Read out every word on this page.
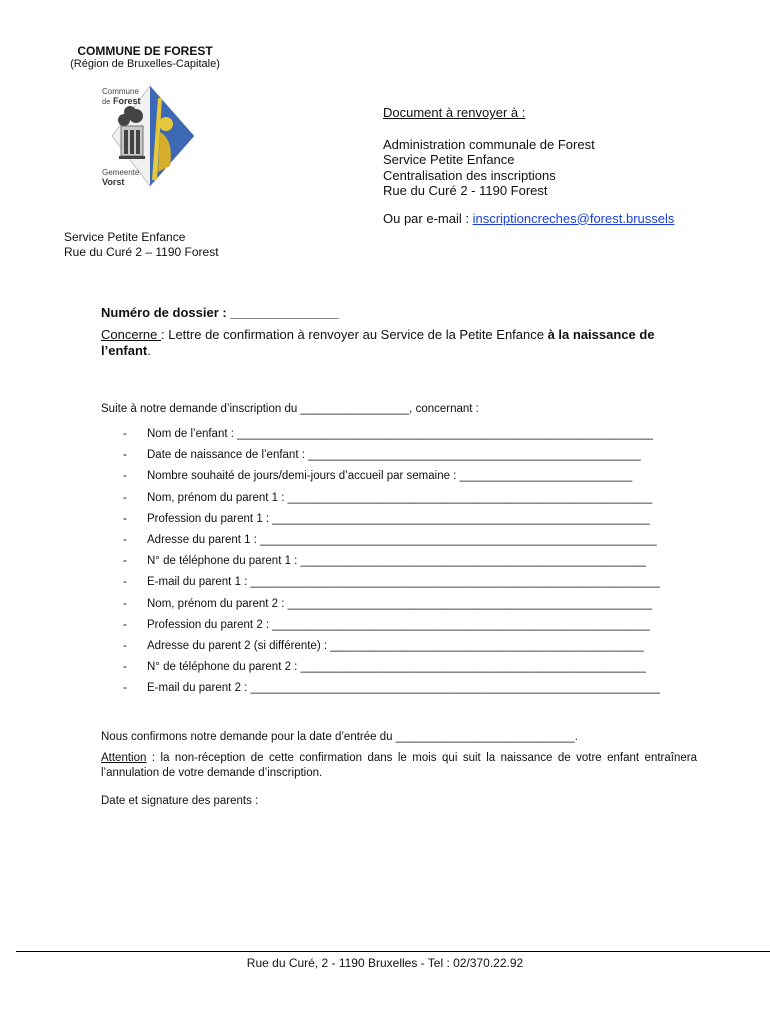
COMMUNE DE FOREST
(Région de Bruxelles-Capitale)
Commune
de Forest
Gemeente
Vorst
Service Petite Enfance
Rue du Curé 2 – 1190 Forest
Document à renvoyer à :
Administration communale de Forest
Service Petite Enfance
Centralisation des inscriptions
Rue du Curé 2 - 1190 Forest
Ou par e-mail : inscriptioncreches@forest.brussels
Numéro de dossier : _______________
Concerne : Lettre de confirmation à renvoyer au Service de la Petite Enfance à la naissance de l’enfant.
Suite à notre demande d’inscription du _________________, concernant :
-	Nom de l’enfant : _________________________________________________________________
-	Date de naissance de l’enfant : ____________________________________________________
-	Nombre souhaité de jours/demi-jours d’accueil par semaine : ___________________________
-	Nom, prénom du parent 1 : _________________________________________________________
-	Profession du parent 1 : ___________________________________________________________
-	Adresse du parent 1 : ______________________________________________________________
-	N° de téléphone du parent 1 : ______________________________________________________
-	E-mail du parent 1 : ________________________________________________________________
-	Nom, prénom du parent 2 : _________________________________________________________
-	Profession du parent 2 : ___________________________________________________________
-	Adresse du parent 2 (si différente) : _________________________________________________
-	N° de téléphone du parent 2 : ______________________________________________________
-	E-mail du parent 2 : ________________________________________________________________
Nous confirmons notre demande pour la date d’entrée du ____________________________.
Attention : la non-réception de cette confirmation dans le mois qui suit la naissance de votre enfant entraînera l’annulation de votre demande d’inscription.
Date et signature des parents :
Rue du Curé, 2 - 1190 Bruxelles - Tel : 02/370.22.92
